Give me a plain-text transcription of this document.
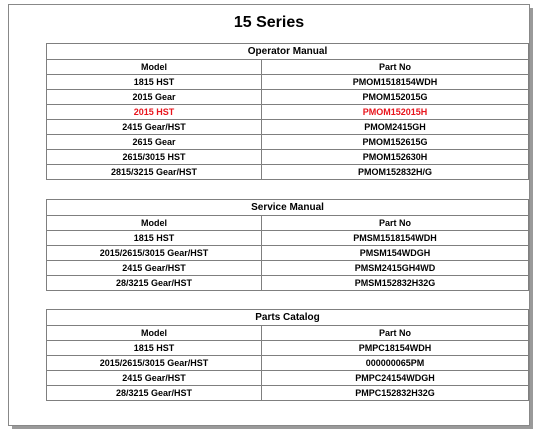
15 Series
Operator Manual	
Model	Part No
1815 HST	PMOM1518154WDH
2015 Gear	PMOM152015G
2015 HST	PMOM152015H
2415 Gear/HST	PMOM2415GH
2615 Gear	PMOM152615G
2615/3015 HST	PMOM152630H
2815/3215 Gear/HST	PMOM152832H/G
Service Manual	
Model	Part No
1815 HST	PMSM1518154WDH
2015/2615/3015 Gear/HST	PMSM154WDGH
2415 Gear/HST	PMSM2415GH4WD
28/3215 Gear/HST	PMSM152832H32G
Parts Catalog	
Model	Part No
1815 HST	PMPC18154WDH
2015/2615/3015 Gear/HST	000000065PM
2415 Gear/HST	PMPC24154WDGH
28/3215 Gear/HST	PMPC152832H32G
